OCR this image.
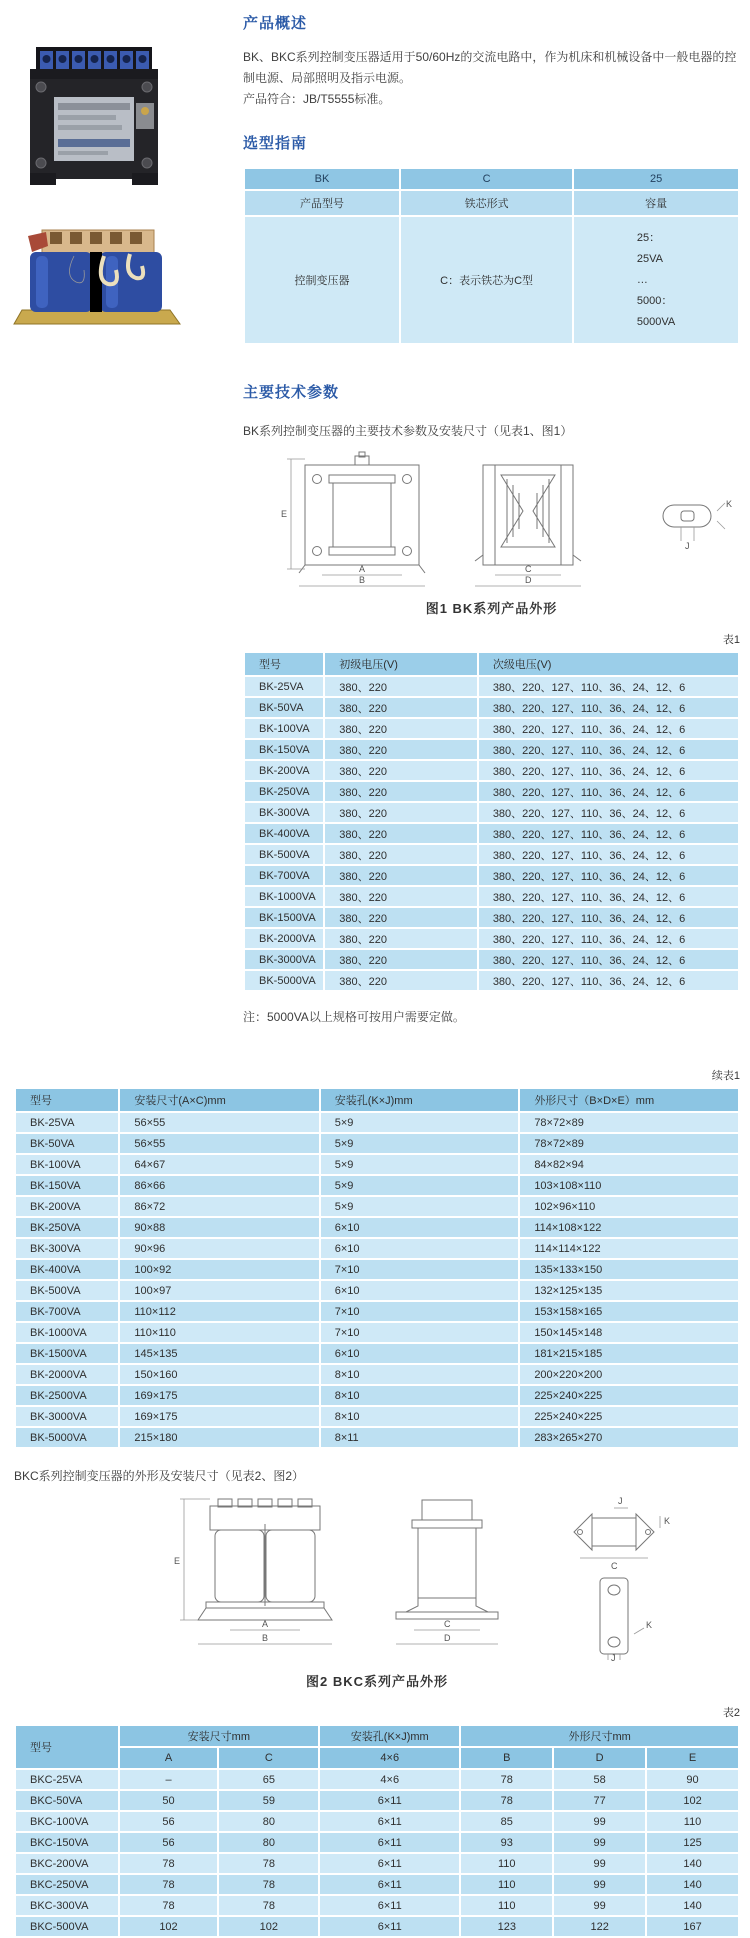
产品概述

BK、BKC系列控制变压器适用于50/60Hz的交流电路中，作为机床和机械设备中一般电器的控制电源、局部照明及指示电源。

产品符合：JB/T5555标准。

选型指南
BK	C	25
产品型号	铁芯形式	容量
控制变压器	C：表示铁芯为C型	25：
25VA
…
5000：
5000VA
主要技术参数

BK系列控制变压器的主要技术参数及安装尺寸（见表1、图1）

E
A
B
C
D
K
J
图1 BK系列产品外形
表1
型号	初级电压(V)	次级电压(V)
BK-25VA	380、220	380、220、127、110、36、24、12、6
BK-50VA	380、220	380、220、127、110、36、24、12、6
BK-100VA	380、220	380、220、127、110、36、24、12、6
BK-150VA	380、220	380、220、127、110、36、24、12、6
BK-200VA	380、220	380、220、127、110、36、24、12、6
BK-250VA	380、220	380、220、127、110、36、24、12、6
BK-300VA	380、220	380、220、127、110、36、24、12、6
BK-400VA	380、220	380、220、127、110、36、24、12、6
BK-500VA	380、220	380、220、127、110、36、24、12、6
BK-700VA	380、220	380、220、127、110、36、24、12、6
BK-1000VA	380、220	380、220、127、110、36、24、12、6
BK-1500VA	380、220	380、220、127、110、36、24、12、6
BK-2000VA	380、220	380、220、127、110、36、24、12、6
BK-3000VA	380、220	380、220、127、110、36、24、12、6
BK-5000VA	380、220	380、220、127、110、36、24、12、6

注：5000VA以上规格可按用户需要定做。

续表1
型号	安装尺寸(A×C)mm	安装孔(K×J)mm	外形尺寸（B×D×E）mm
BK-25VA	56×55	5×9	78×72×89
BK-50VA	56×55	5×9	78×72×89
BK-100VA	64×67	5×9	84×82×94
BK-150VA	86×66	5×9	103×108×110
BK-200VA	86×72	5×9	102×96×110
BK-250VA	90×88	6×10	114×108×122
BK-300VA	90×96	6×10	114×114×122
BK-400VA	100×92	7×10	135×133×150
BK-500VA	100×97	6×10	132×125×135
BK-700VA	110×112	7×10	153×158×165
BK-1000VA	110×110	7×10	150×145×148
BK-1500VA	145×135	6×10	181×215×185
BK-2000VA	150×160	8×10	200×220×200
BK-2500VA	169×175	8×10	225×240×225
BK-3000VA	169×175	8×10	225×240×225
BK-5000VA	215×180	8×11	283×265×270

BKC系列控制变压器的外形及安装尺寸（见表2、图2）

E
A
B
C
D
J
K
C
K
J
图2 BKC系列产品外形
表2
型号	安装尺寸mm		安装孔(K×J)mm	外形尺寸mm		
	A	C	4×6	B	D	E
BKC-25VA	–	65	4×6	78	58	90
BKC-50VA	50	59	6×11	78	77	102
BKC-100VA	56	80	6×11	85	99	110
BKC-150VA	56	80	6×11	93	99	125
BKC-200VA	78	78	6×11	110	99	140
BKC-250VA	78	78	6×11	110	99	140
BKC-300VA	78	78	6×11	110	99	140
BKC-500VA	102	102	6×11	123	122	167
